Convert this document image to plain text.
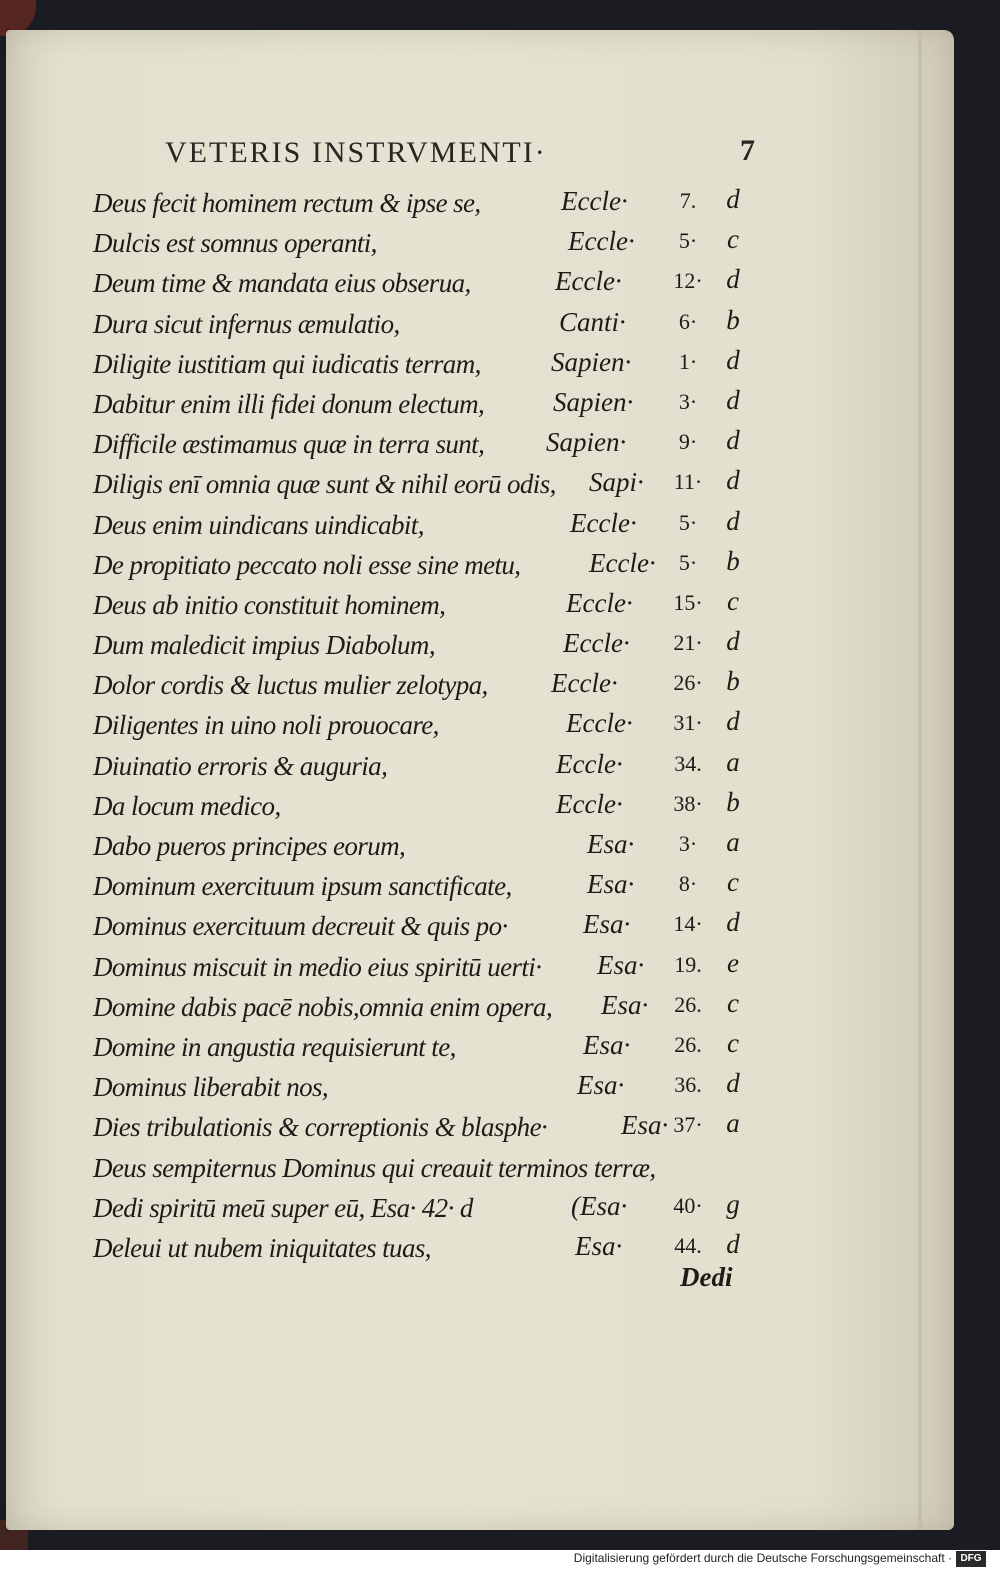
VETERIS INSTRVMENTI·	7
Deus fecit hominem rectum & ipse se,	Eccle·	7.	d
Dulcis est somnus operanti,	Eccle·	5·	c
Deum time & mandata eius obserua,	Eccle·	12· d
Dura sicut infernus æmulatio,	Canti·	6·	b
Diligite iustitiam qui iudicatis terram,	Sapien·	1·	d
Dabitur enim illi fidei donum electum,	Sapien·	3·	d
Difficile æstimamus quæ in terra sunt, Sapien·	9·	d
Diligis enī omnia quæ sunt & nihil eorū odis, Sapi·	11· d
Deus enim uindicans uindicabit,	Eccle·	5·	d
De propitiato peccato noli esse sine metu,	Eccle·	5·	b
Deus ab initio constituit hominem,	Eccle·	15· c
Dum maledicit impius Diabolum,	Eccle·	21· d
Dolor cordis & luctus mulier zelotypa, Eccle·	26· b
Diligentes in uino noli prouocare,	Eccle·	31· d
Diuinatio erroris & auguria,	Eccle·	34. a
Da locum medico,	Eccle·	38· b
Dabo pueros principes eorum,	Esa·	3·	a
Dominum exercituum ipsum sanctificate,	Esa·	8·	c
Dominus exercituum decreuit & quis po·	Esa·	14· d
Dominus miscuit in medio eius spiritū uerti· Esa·	19. e
Domine dabis pacē nobis,omnia enim opera, Esa·	26. c
Domine in angustia requisierunt te,	Esa·	26. c
Dominus liberabit nos,	Esa·	36. d
Dies tribulationis & correptionis & blasphe·	Esa· 37· a
Deus sempiternus Dominus qui creauit terminos terræ,
Dedi spiritū meū super eū, Esa· 42· d	(Esa·	40· g
Deleui ut nubem iniquitates tuas,	Esa·	44. d
Dedi
Digitalisierung gefördert durch die Deutsche Forschungsgemeinschaft · DFG
